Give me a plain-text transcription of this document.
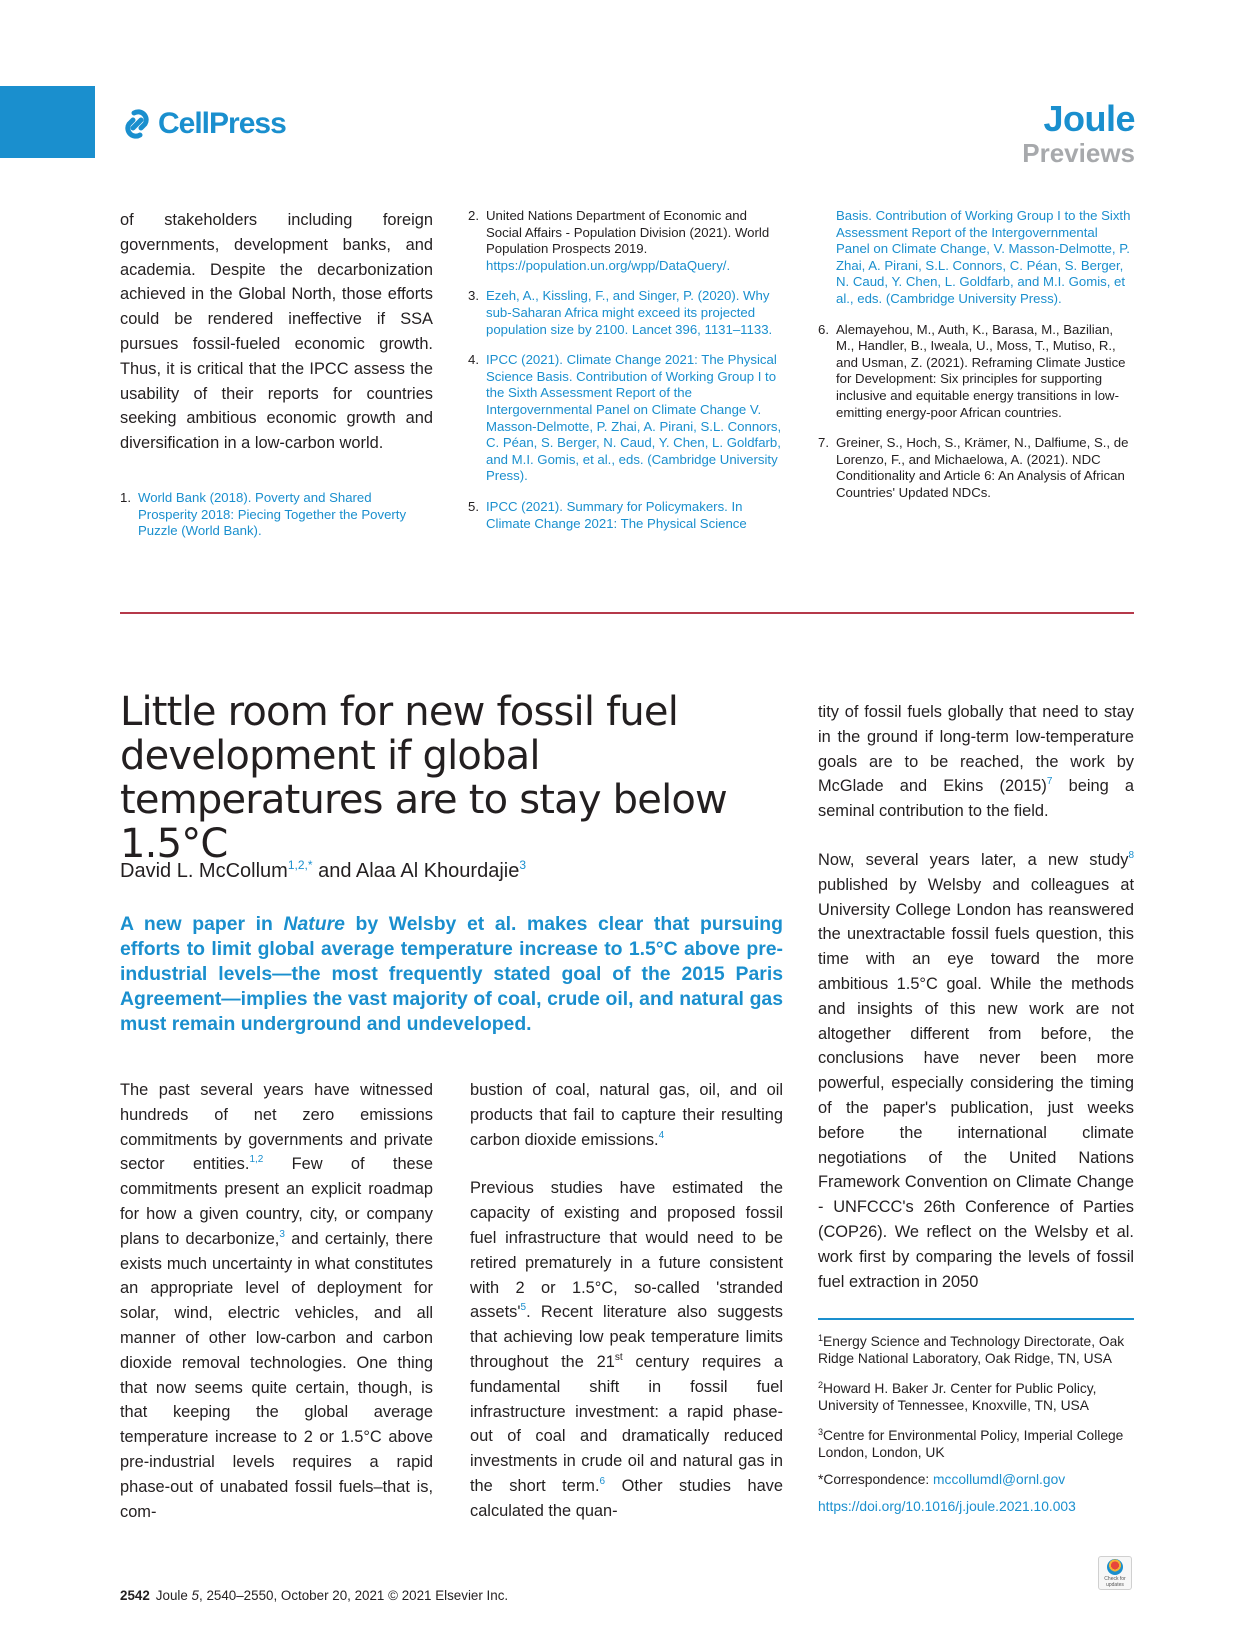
CellPress	Joule
Previews

of stakeholders including foreign governments, development banks, and academia. Despite the decarbonization achieved in the Global North, those efforts could be rendered ineffective if SSA pursues fossil-fueled economic growth. Thus, it is critical that the IPCC assess the usability of their reports for countries seeking ambitious economic growth and diversification in a low-carbon world.

1. World Bank (2018). Poverty and Shared Prosperity 2018: Piecing Together the Poverty Puzzle (World Bank).
2. United Nations Department of Economic and Social Affairs - Population Division (2021). World Population Prospects 2019. https://population.un.org/wpp/DataQuery/.
3. Ezeh, A., Kissling, F., and Singer, P. (2020). Why sub-Saharan Africa might exceed its projected population size by 2100. Lancet 396, 1131–1133.
4. IPCC (2021). Climate Change 2021: The Physical Science Basis. Contribution of Working Group I to the Sixth Assessment Report of the Intergovernmental Panel on Climate Change V. Masson-Delmotte, P. Zhai, A. Pirani, S.L. Connors, C. Péan, S. Berger, N. Caud, Y. Chen, L. Goldfarb, and M.I. Gomis, et al., eds. (Cambridge University Press).
5. IPCC (2021). Summary for Policymakers. In Climate Change 2021: The Physical Science
Basis. Contribution of Working Group I to the Sixth Assessment Report of the Intergovernmental Panel on Climate Change, V. Masson-Delmotte, P. Zhai, A. Pirani, S.L. Connors, C. Péan, S. Berger, N. Caud, Y. Chen, L. Goldfarb, and M.I. Gomis, et al., eds. (Cambridge University Press).
6. Alemayehou, M., Auth, K., Barasa, M., Bazilian, M., Handler, B., Iweala, U., Moss, T., Mutiso, R., and Usman, Z. (2021). Reframing Climate Justice for Development: Six principles for supporting inclusive and equitable energy transitions in low-emitting energy-poor African countries.
7. Greiner, S., Hoch, S., Krämer, N., Dalfiume, S., de Lorenzo, F., and Michaelowa, A. (2021). NDC Conditionality and Article 6: An Analysis of African Countries' Updated NDCs.
Little room for new fossil fuel development if global temperatures are to stay below 1.5°C
David L. McCollum$^{1,2,*}$ and Alaa Al Khourdajie$^3$

A new paper in Nature by Welsby et al. makes clear that pursuing efforts to limit global average temperature increase to 1.5°C above pre-industrial levels—the most frequently stated goal of the 2015 Paris Agreement—implies the vast majority of coal, crude oil, and natural gas must remain underground and undeveloped.

The past several years have witnessed hundreds of net zero emissions commitments by governments and private sector entities.$^{1,2}$ Few of these commitments present an explicit roadmap for how a given country, city, or company plans to decarbonize,$^3$ and certainly, there exists much uncertainty in what constitutes an appropriate level of deployment for solar, wind, electric vehicles, and all manner of other low-carbon and carbon dioxide removal technologies. One thing that now seems quite certain, though, is that keeping the global average temperature increase to 2 or 1.5°C above pre-industrial levels requires a rapid phase-out of unabated fossil fuels–that is, com-

bustion of coal, natural gas, oil, and oil products that fail to capture their resulting carbon dioxide emissions.$^4$

Previous studies have estimated the capacity of existing and proposed fossil fuel infrastructure that would need to be retired prematurely in a future consistent with 2 or 1.5°C, so-called 'stranded $assets'^5$. Recent literature also suggests that achieving low peak temperature limits throughout the 21st century requires a fundamental shift in fossil fuel infrastructure investment: a rapid phase-out of coal and dramatically reduced investments in crude oil and natural gas in the short term.$^6$ Other studies have calculated the quan-

tity of fossil fuels globally that need to stay in the ground if long-term low-temperature goals are to be reached, the work by McGlade and Ekins $(2015)^7$ being a seminal contribution to the field.

Now, several years later, a new study$^8$ published by Welsby and colleagues at University College London has reanswered the unextractable fossil fuels question, this time with an eye toward the more ambitious 1.5°C goal. While the methods and insights of this new work are not altogether different from before, the conclusions have never been more powerful, especially considering the timing of the paper's publication, just weeks before the international climate negotiations of the United Nations Framework Convention on Climate Change - UNFCCC's 26th Conference of Parties (COP26). We reflect on the Welsby et al. work first by comparing the levels of fossil fuel extraction in 2050

$^1$Energy Science and Technology Directorate, Oak Ridge National Laboratory, Oak Ridge, TN, USA

$^2$Howard H. Baker Jr. Center for Public Policy, University of Tennessee, Knoxville, TN, USA

$^3$Centre for Environmental Policy, Imperial College London, London, UK

*Correspondence: mccollumdl@ornl.gov

https://doi.org/10.1016/j.joule.2021.10.003

2542 Joule 5, 2540–2550, October 20, 2021 © 2021 Elsevier Inc.
Check for updates
